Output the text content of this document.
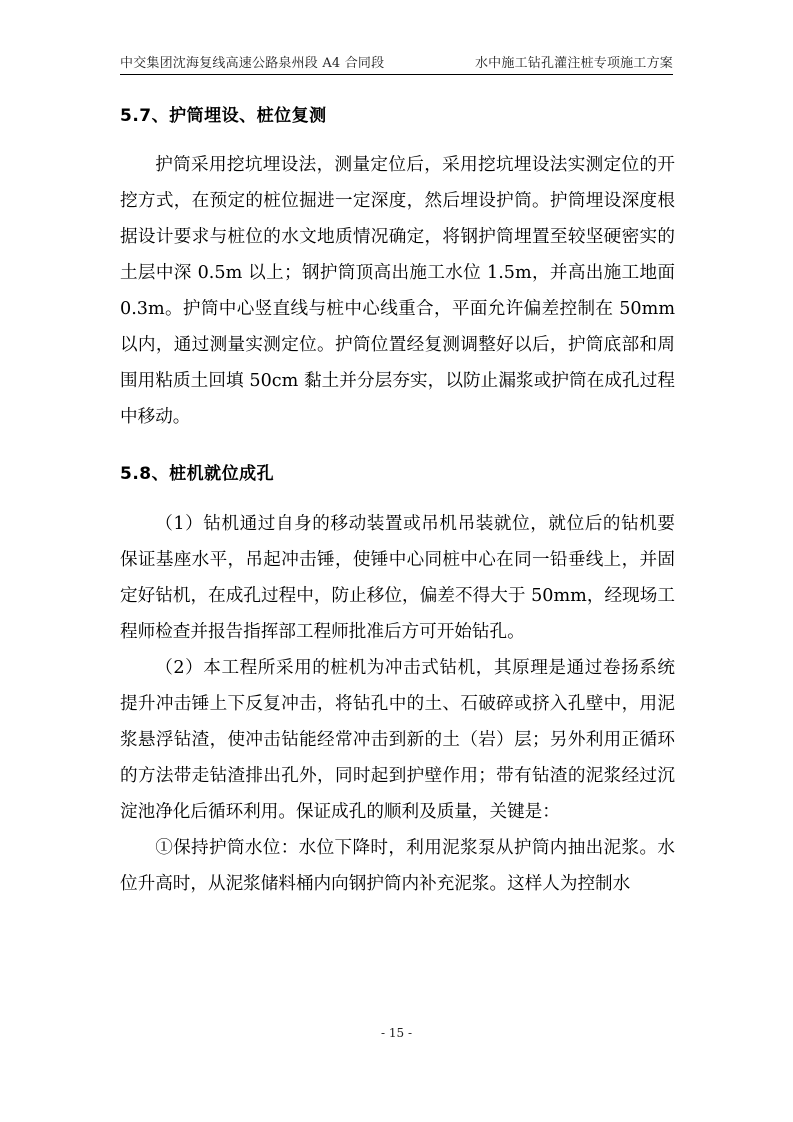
中交集团沈海复线高速公路泉州段 A4 合同段	水中施工钻孔灌注桩专项施工方案
5.7、护筒埋设、桩位复测

护筒采用挖坑埋设法，测量定位后，采用挖坑埋设法实测定位的开挖方式，在预定的桩位掘进一定深度，然后埋设护筒。护筒埋设深度根据设计要求与桩位的水文地质情况确定，将钢护筒埋置至较坚硬密实的土层中深 0.5m 以上；钢护筒顶高出施工水位 1.5m，并高出施工地面 0.3m。护筒中心竖直线与桩中心线重合，平面允许偏差控制在 50mm 以内，通过测量实测定位。护筒位置经复测调整好以后，护筒底部和周围用粘质土回填 50cm 黏土并分层夯实，以防止漏浆或护筒在成孔过程中移动。

5.8、桩机就位成孔

（1）钻机通过自身的移动装置或吊机吊装就位，就位后的钻机要保证基座水平，吊起冲击锤，使锤中心同桩中心在同一铅垂线上，并固定好钻机，在成孔过程中，防止移位，偏差不得大于 50mm，经现场工程师检查并报告指挥部工程师批准后方可开始钻孔。

（2）本工程所采用的桩机为冲击式钻机，其原理是通过卷扬系统提升冲击锤上下反复冲击，将钻孔中的土、石破碎或挤入孔壁中，用泥浆悬浮钻渣，使冲击钻能经常冲击到新的土（岩）层；另外利用正循环的方法带走钻渣排出孔外，同时起到护壁作用；带有钻渣的泥浆经过沉淀池净化后循环利用。保证成孔的顺利及质量，关键是：

①保持护筒水位：水位下降时，利用泥浆泵从护筒内抽出泥浆。水位升高时，从泥浆储料桶内向钢护筒内补充泥浆。这样人为控制水

- 15 -
